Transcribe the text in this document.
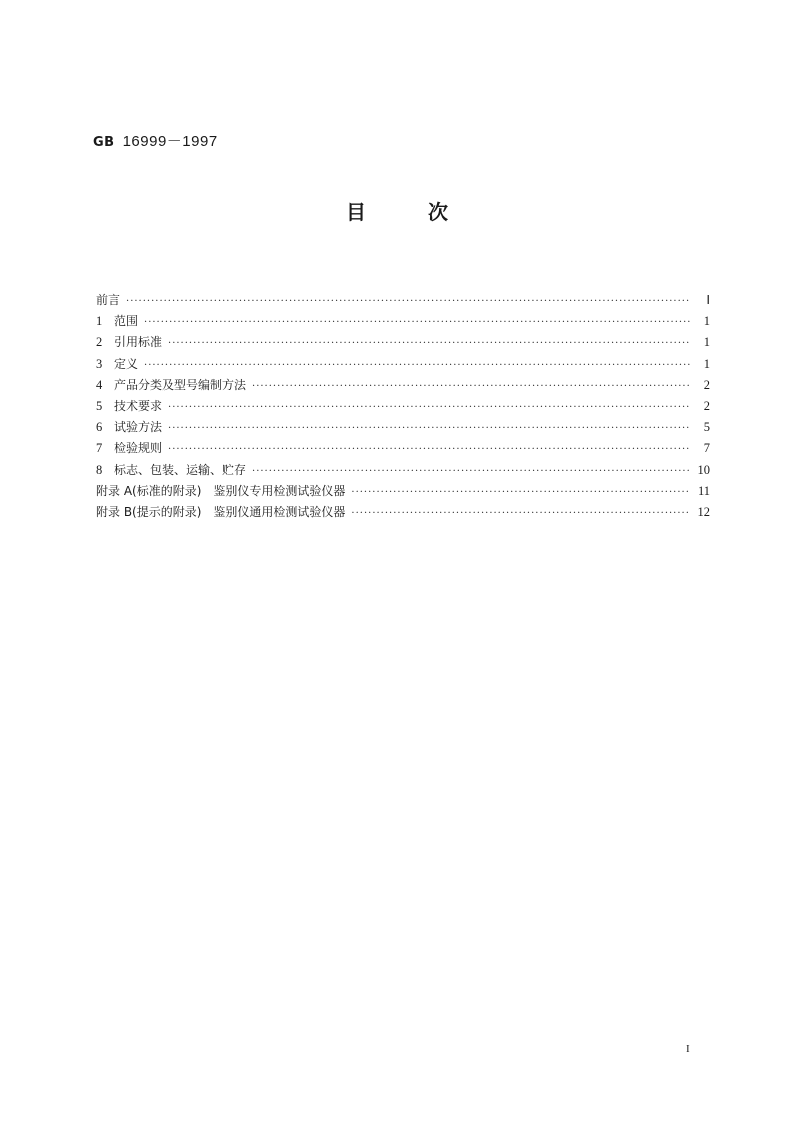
GB 16999－1997
目	次
前言 ·····	Ⅰ
1 范围 ·····	1
2 引用标准 ·····	1
3 定义 ·····	1
4 产品分类及型号编制方法 ·····	2
5 技术要求 ·····	2
6 试验方法 ·····	5
7 检验规则 ·····	7
8 标志、包装、运输、贮存 ·····	10
附录 A(标准的附录)　鉴别仪专用检测试验仪器 ·····	11
附录 B(提示的附录)　鉴别仪通用检测试验仪器 ·····	12
I
